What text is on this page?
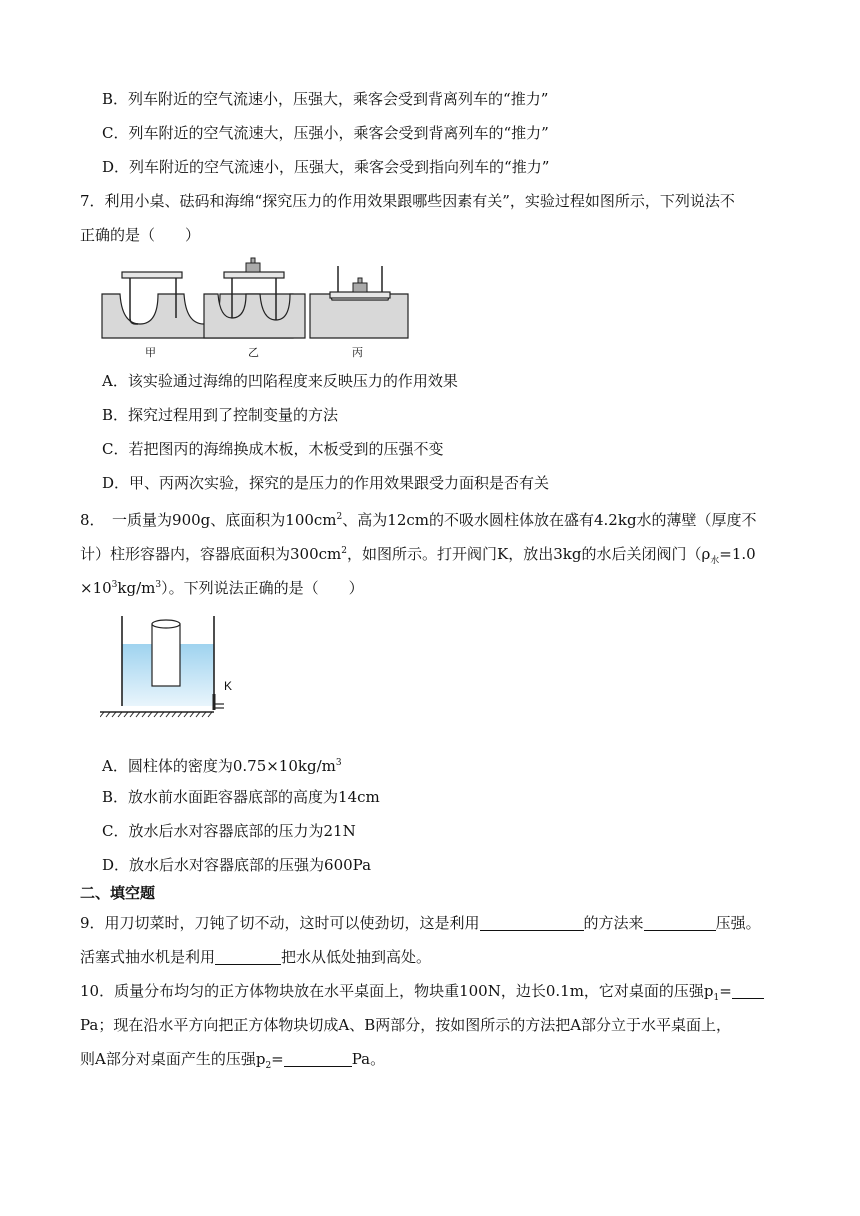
B．列车附近的空气流速小，压强大，乘客会受到背离列车的“推力”
C．列车附近的空气流速大，压强小，乘客会受到背离列车的“推力”
D．列车附近的空气流速小，压强大，乘客会受到指向列车的“推力”
7．利用小桌、砝码和海绵“探究压力的作用效果跟哪些因素有关”，实验过程如图所示，下列说法不
正确的是（　　）
甲	乙	丙
A．该实验通过海绵的凹陷程度来反映压力的作用效果
B．探究过程用到了控制变量的方法
C．若把图丙的海绵换成木板，木板受到的压强不变
D．甲、丙两次实验，探究的是压力的作用效果跟受力面积是否有关
8．　一质量为900g、底面积为$100cm^2$、高为12cm的不吸水圆柱体放在盛有4.2kg水的薄壁（厚度不
计）柱形容器内，容器底面积为$300cm^2$，如图所示。打开阀门K，放出3kg的水后关闭阀门（$\rho_水=1.0$
$\times 10^3kg/m^3$）。下列说法正确的是（　　）
K
A．圆柱体的密度为$0.75\times 10kg/m^3$
B．放水前水面距容器底部的高度为14cm
C．放水后水对容器底部的压力为21N
D．放水后水对容器底部的压强为600Pa
二、填空题
9．用刀切菜时，刀钝了切不动，这时可以使劲切，这是利用	的方法来	压强。
活塞式抽水机是利用	把水从低处抽到高处。
10．质量分布均匀的正方体物块放在水平桌面上，物块重100N，边长0.1m，它对桌面的压强$p_1=$
Pa；现在沿水平方向把正方体物块切成A、B两部分，按如图所示的方法把A部分立于水平桌面上，
则A部分对桌面产生的压强$p_2=$	Pa。
